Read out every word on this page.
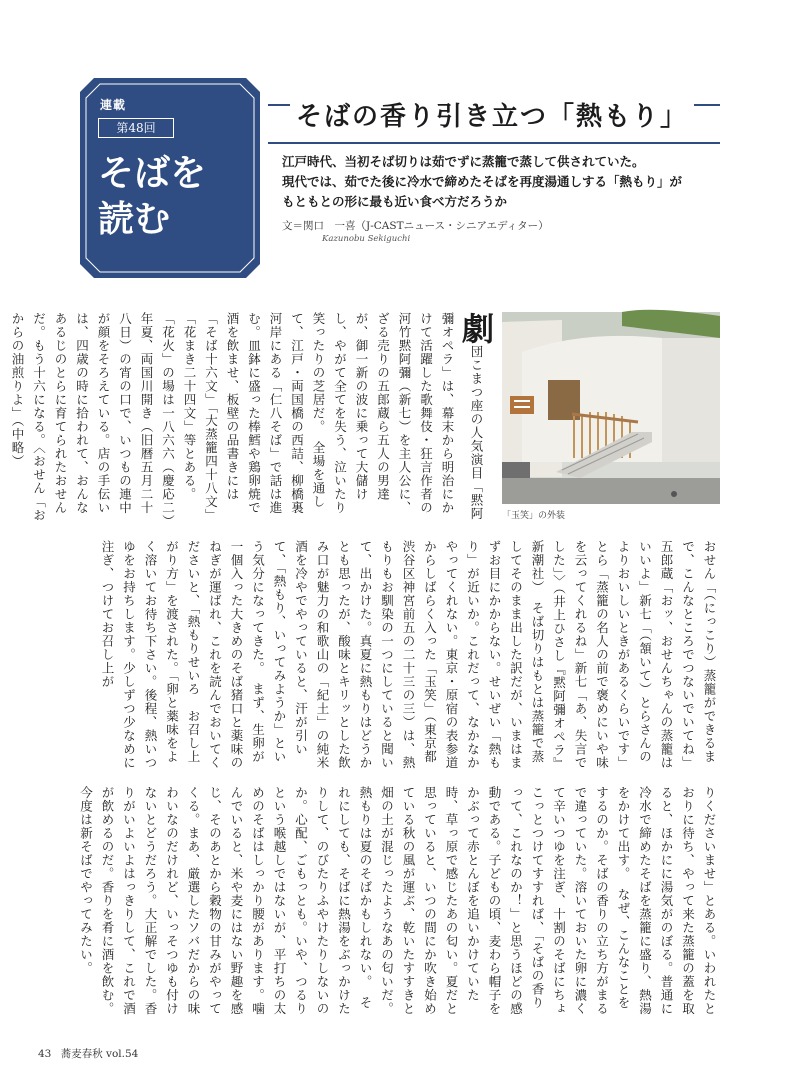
連載
第48回
そばを
読む
そばの香り引き立つ「熱もり」
江戸時代、当初そば切りは茹でずに蒸籠で蒸して供されていた。
現代では、茹でた後に冷水で締めたそばを再度湯通しする「熱もり」が
もともとの形に最も近い食べ方だろうか
文＝関口　一喜（J-CASTニュース・シニアエディター）
Kazunobu Sekiguchi
劇団こまつ座の人気演目「黙阿彌オペラ」は、幕末から明治にかけて活躍した歌舞伎・狂言作者の河竹黙阿彌（新七）を主人公に、ざる売りの五郎蔵ら五人の男達が、御一新の波に乗って大儲けし、やがて全てを失う、泣いたり笑ったりの芝居だ。　全場を通して、江戸・両国橋の西詰、柳橋裏河岸にある「仁八そば」で話は進む。皿鉢に盛った棒鱈や鶏卵焼で酒を飲ませ、板壁の品書きには「そば十六文」「大蒸籠四十八文」「花まき二十四文」等とある。　「花火」の場は一八六六（慶応二）年夏、両国川開き（旧暦五月二十八日）の宵の口で、いつもの連中が顔をそろえている。店の手伝いは、四歳の時に拾われて、おんなあるじのとらに育てられたおせんだ。もう十六になる。〈おせん「おからの油煎りよ」（中略）
「玉笑」の外装
おせん「（にっこり）蒸籠ができるまで、こんなところでつないでいてね」五郎蔵「おッ、おせんちゃんの蒸籠はいいよ」新七「（頷いて）とらさんのよりおいしいときがあるくらいです」とら「蒸籠の名人の前で褒めにいや味を云ってくれるね」新七「あ、失言でした」〉（井上ひさし『黙阿彌オペラ』新潮社）　そば切りはもとは蒸籠で蒸してそのまま出した訳だが、いまはまずお目にかからない。せいぜい「熱もり」が近いか。これだって、なかなかやってくれない。東京・原宿の表参道からしばらく入った「玉笑」（東京都渋谷区神宮前五の二十三の三）は、熱もりもお馴染の一つにしていると聞いて、出かけた。真夏に熱もりはどうかとも思ったが、酸味とキリッとした飲み口が魅力の和歌山の「紀土」の純米酒を冷やでやっていると、汗が引いて、「熱もり、いってみようか」という気分になってきた。　まず、生卵が一個入った大きめのそば猪口と薬味のねぎが運ばれ、これを読んでおいてくださいと、「熱もりせいろ　お召し上がり方」を渡された。「卵と薬味をよく溶いてお待ち下さい。後程、熱いつゆをお持ちします。少しずつ少なめに注ぎ、つけてお召し上が
りくださいませ」とある。いわれたとおりに待ち、やって来た蒸籠の蓋を取ると、ほかにに湯気がのぼる。普通に冷水で締めたそばを蒸籠に盛り、熱湯をかけて出す。　なぜ、こんなことをするのか。そばの香りの立ち方がまるで違っていた。溶いておいた卵に濃くて辛いつゆを注ぎ、十割のそばにちょこっとつけてすすれば、「そばの香りって、これなのか！」と思うほどの感動である。子どもの頃、麦わら帽子をかぶって赤とんぼを追いかけていた時、草っ原で感じたあの匂い。夏だと思っていると、いつの間にか吹き始めている秋の風が運ぶ、乾いたすすきと畑の土が混じったようなあの匂いだ。熱もりは夏のそばかもしれない。　それにしても、そばに熱湯をぶっかけたりして、のびたりふやけたりしないのか。心配、ごもっとも。いや、つるりという喉越しではないが、平打ちの太めのそばはしっかり腰があります。噛んでいると、米や麦にはない野趣を感じ、そのあとから穀物の甘みがやってくる。まあ、厳選したソバだからの味わいなのだけれど、いっそつゆも付けないとどうだろう。大正解でした。香りがいよいよはっきりして、これで酒が飲めるのだ。香りを肴に酒を飲む。今度は新そばでやってみたい。
43 蕎麦春秋 vol.54
